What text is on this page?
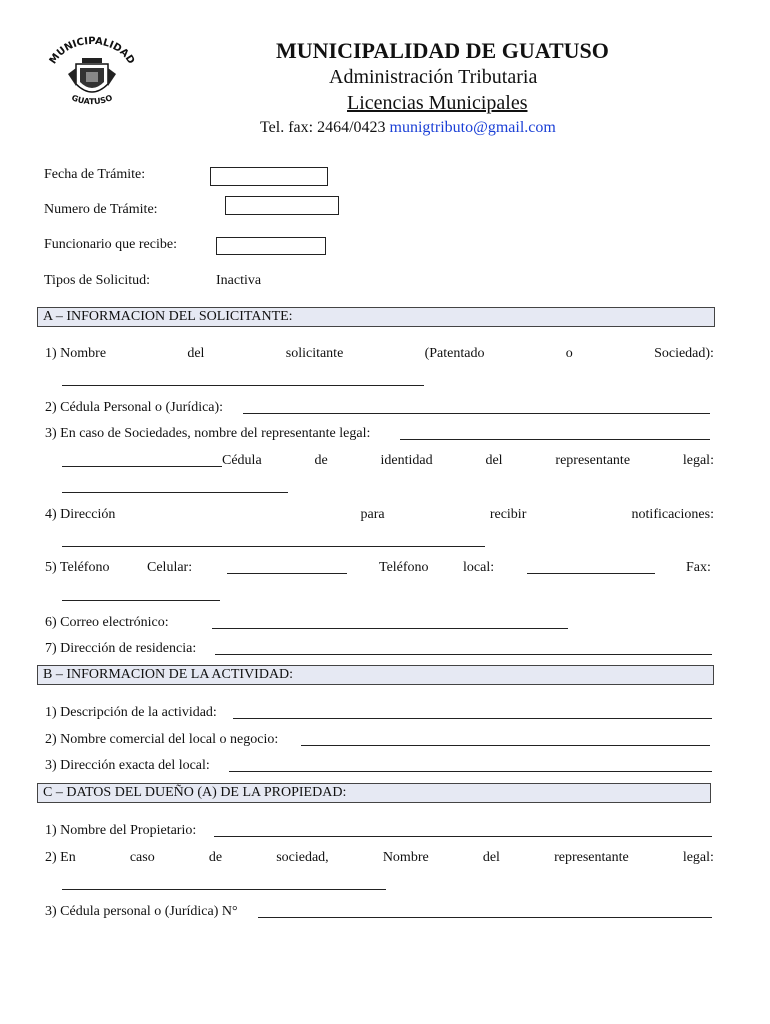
MUNICIPALIDAD
GUATUSO
MUNICIPALIDAD DE GUATUSO
Administración Tributaria
Licencias Municipales
Tel. fax: 2464/0423 munigtributo@gmail.com
Fecha de Trámite:
Numero de Trámite:
Funcionario que recibe:
Tipos de Solicitud:	Inactiva
A – INFORMACION DEL SOLICITANTE:
1) Nombre	del	solicitante	(Patentado	o	Sociedad):
2) Cédula Personal o (Jurídica):
3) En caso de Sociedades, nombre del representante legal:
Cédula	de	identidad	del	representante	legal:
4) Dirección	para	recibir	notificaciones:
5) Teléfono	Celular:	Teléfono local:	Fax:
6) Correo electrónico:
7) Dirección de residencia:
B – INFORMACION DE LA ACTIVIDAD:
1) Descripción de la actividad:
2) Nombre comercial del local o negocio:
3) Dirección exacta del local:
C – DATOS DEL DUEÑO (A) DE LA PROPIEDAD:
1) Nombre del Propietario:
2) En	caso	de	sociedad,	Nombre	del	representante	legal:
3) Cédula personal o (Jurídica) N°
